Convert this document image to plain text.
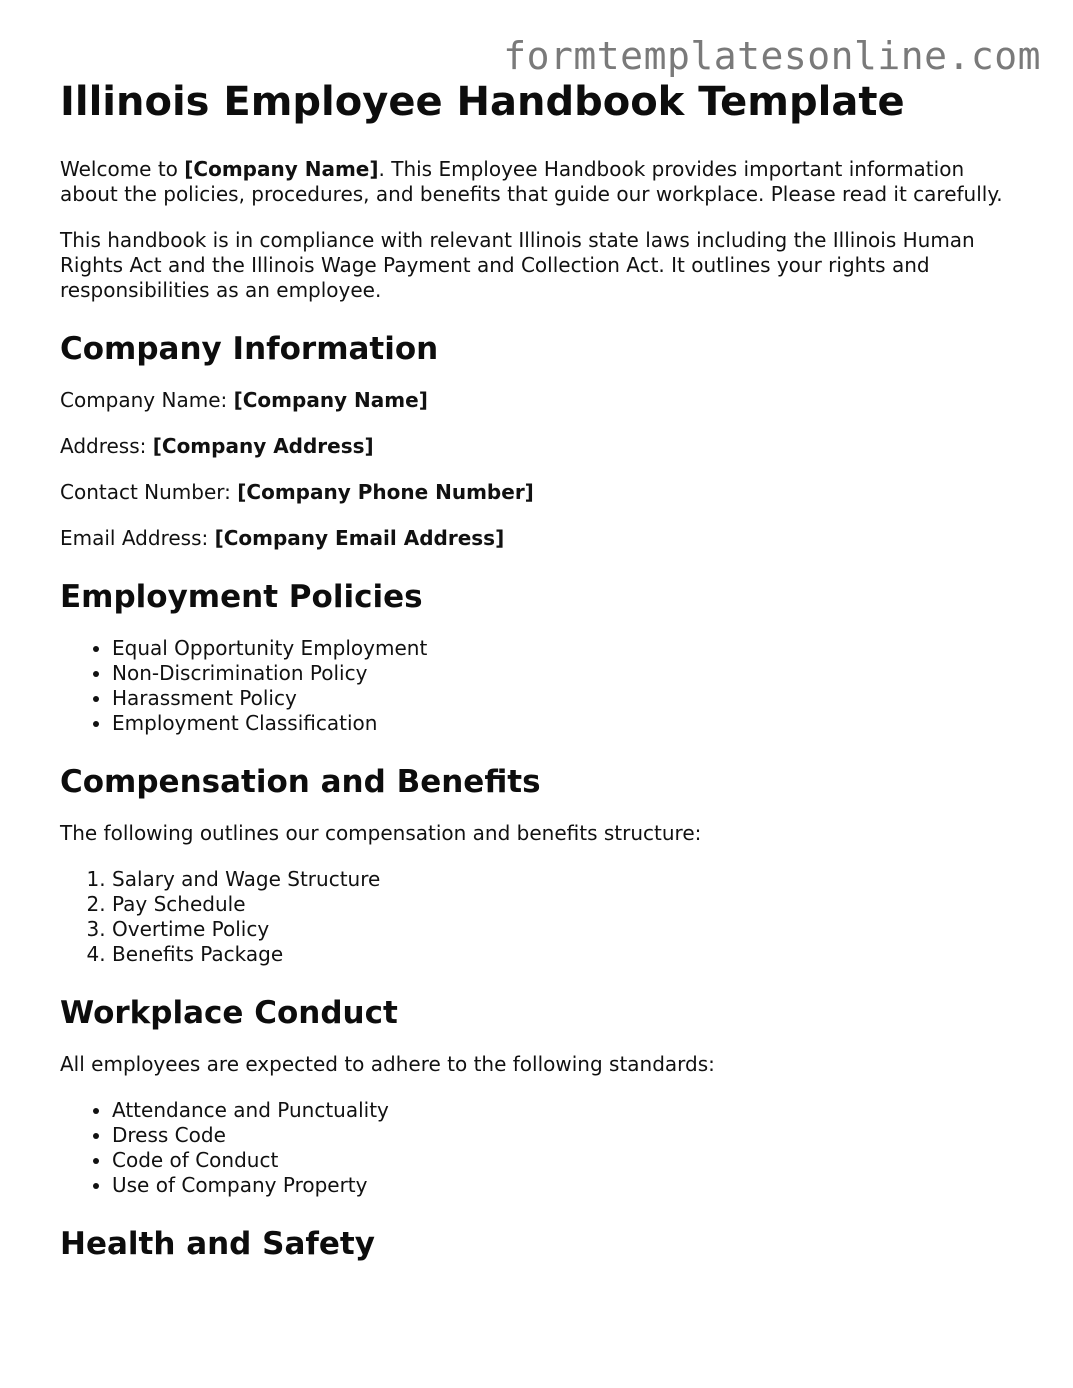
formtemplatesonline.com
Illinois Employee Handbook Template

Welcome to [Company Name]. This Employee Handbook provides important information about the policies, procedures, and benefits that guide our workplace. Please read it carefully.

This handbook is in compliance with relevant Illinois state laws including the Illinois Human Rights Act and the Illinois Wage Payment and Collection Act. It outlines your rights and responsibilities as an employee.

Company Information

Company Name: [Company Name]

Address: [Company Address]

Contact Number: [Company Phone Number]

Email Address: [Company Email Address]

Employment Policies
• Equal Opportunity Employment
• Non-Discrimination Policy
• Harassment Policy
• Employment Classification
Compensation and Benefits

The following outlines our compensation and benefits structure:

1. Salary and Wage Structure
2. Pay Schedule
3. Overtime Policy
4. Benefits Package
Workplace Conduct

All employees are expected to adhere to the following standards:

• Attendance and Punctuality
• Dress Code
• Code of Conduct
• Use of Company Property
Health and Safety
